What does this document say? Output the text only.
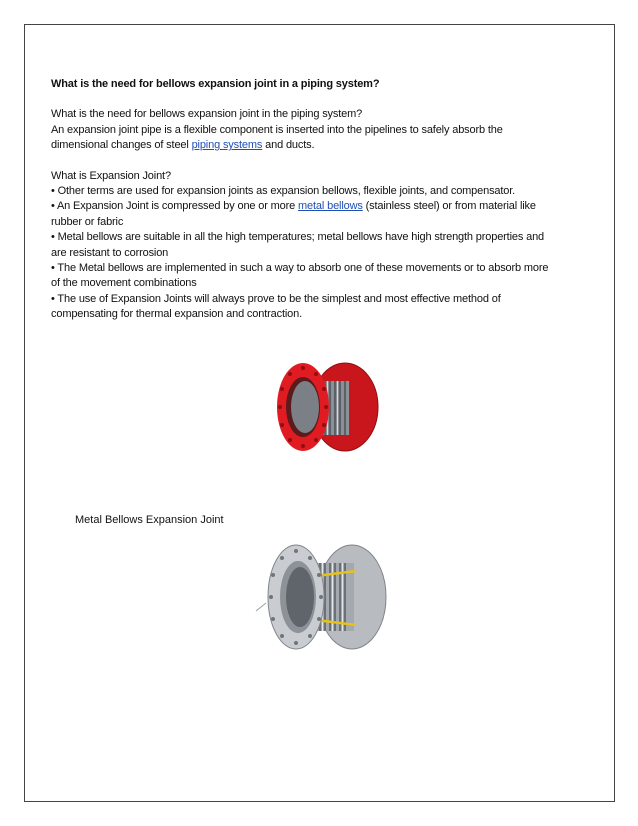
What is the need for bellows expansion joint in a piping system?

What is the need for bellows expansion joint in the piping system?

An expansion joint pipe is a flexible component is inserted into the pipelines to safely absorb the dimensional changes of steel piping systems and ducts.

What is Expansion Joint?

• Other terms are used for expansion joints as expansion bellows, flexible joints, and compensator.

• An Expansion Joint is compressed by one or more metal bellows (stainless steel) or from material like rubber or fabric

• Metal bellows are suitable in all the high temperatures; metal bellows have high strength properties and are resistant to corrosion

• The Metal bellows are implemented in such a way to absorb one of these movements or to absorb more of the movement combinations

• The use of Expansion Joints will always prove to be the simplest and most effective method of compensating for thermal expansion and contraction.

Metal Bellows Expansion Joint
